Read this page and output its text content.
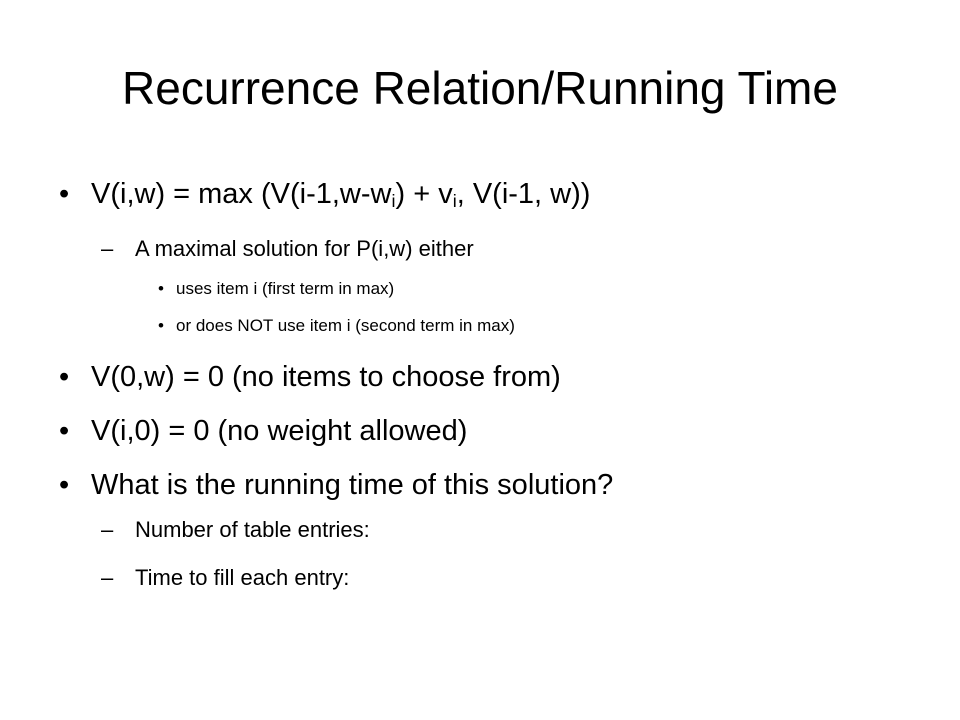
Recurrence Relation/Running Time
• $V(i,w) = \max (V(i-1,w-w_i) + v_i$, V(i-1, w))
– A maximal solution for P(i,w) either
• uses item i (first term in max)
• or does NOT use item i (second term in max)
• V(0,w) = 0 (no items to choose from)
• V(i,0) = 0 (no weight allowed)
• What is the running time of this solution?
– Number of table entries:
– Time to fill each entry:
